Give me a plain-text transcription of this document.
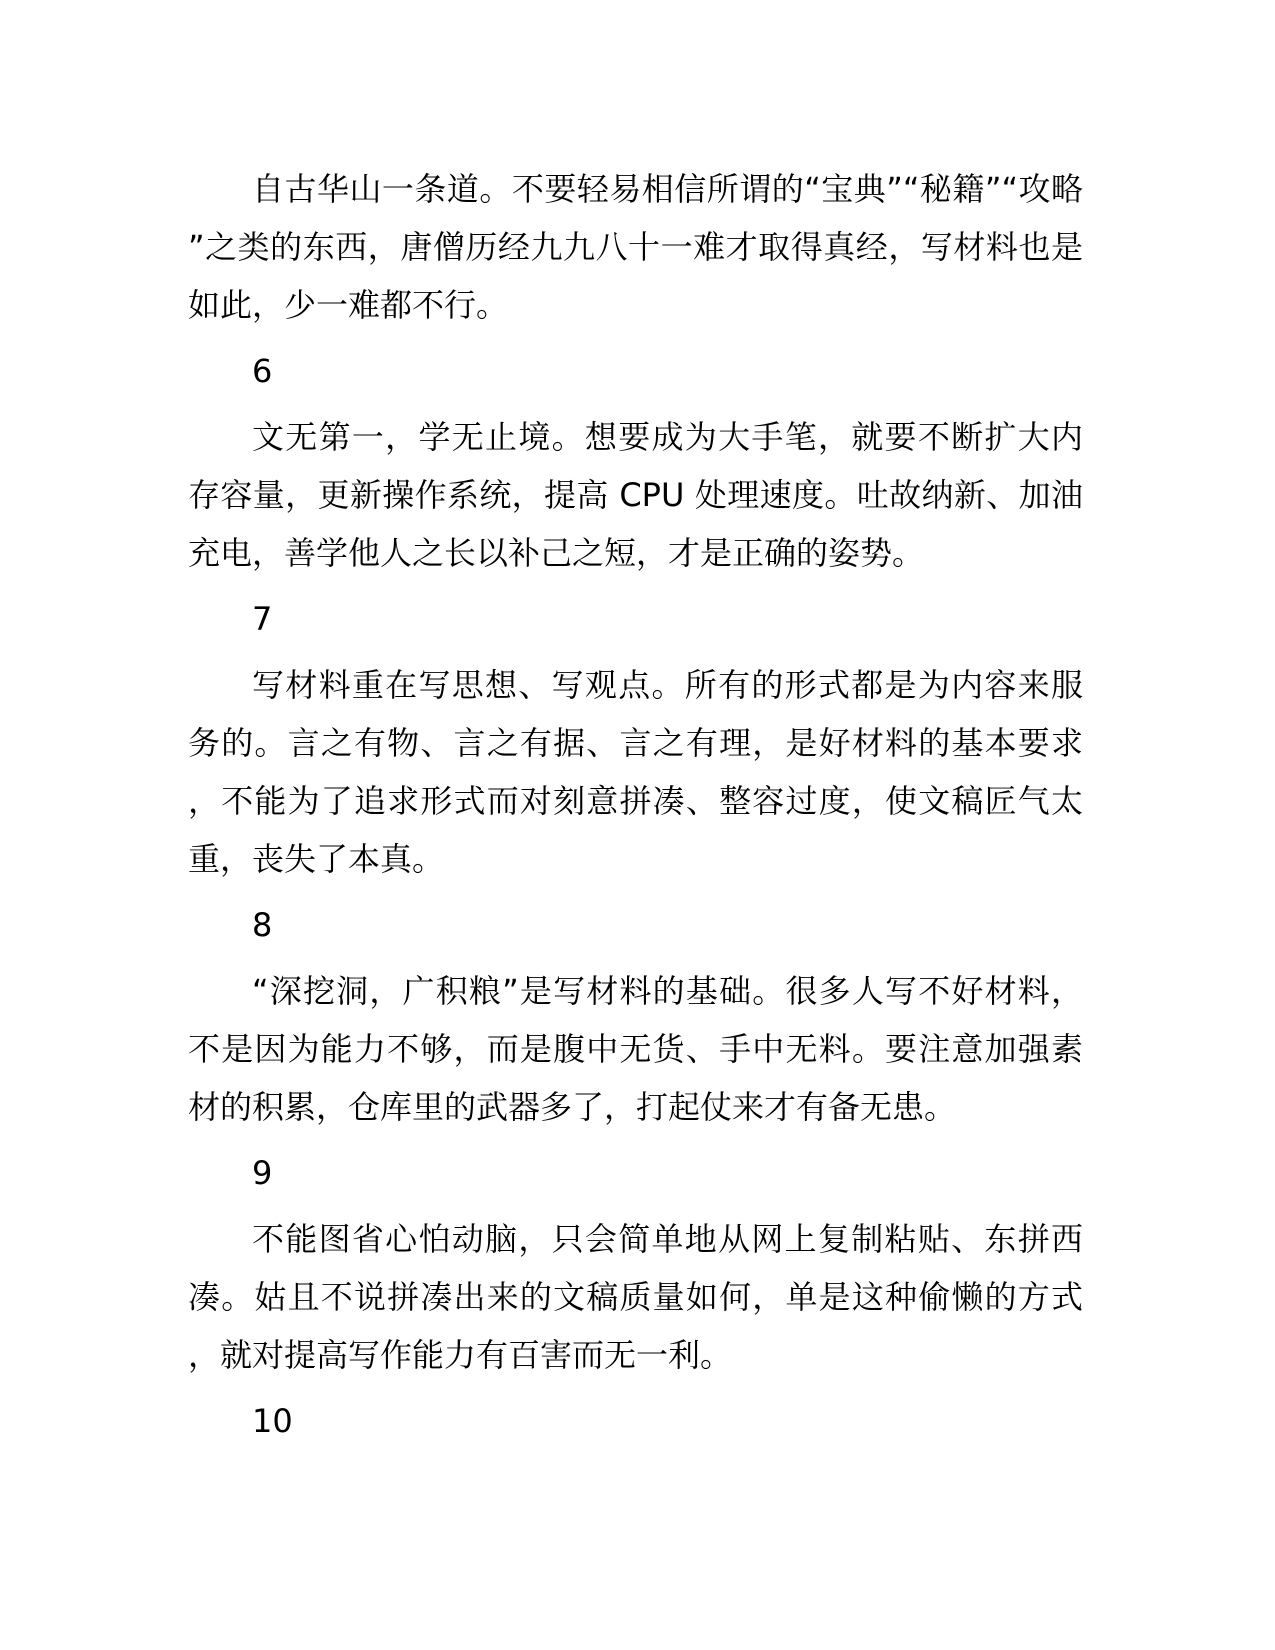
自古华山一条道。不要轻易相信所谓的“宝典”“秘籍”“攻略”之类的东西，唐僧历经九九八十一难才取得真经，写材料也是如此，少一难都不行。

6

文无第一，学无止境。想要成为大手笔，就要不断扩大内存容量，更新操作系统，提高 CPU 处理速度。吐故纳新、加油充电，善学他人之长以补己之短，才是正确的姿势。

7

写材料重在写思想、写观点。所有的形式都是为内容来服务的。言之有物、言之有据、言之有理，是好材料的基本要求，不能为了追求形式而对刻意拼凑、整容过度，使文稿匠气太重，丧失了本真。

8

“深挖洞，广积粮”是写材料的基础。很多人写不好材料，不是因为能力不够，而是腹中无货、手中无料。要注意加强素材的积累，仓库里的武器多了，打起仗来才有备无患。

9

不能图省心怕动脑，只会简单地从网上复制粘贴、东拼西凑。姑且不说拼凑出来的文稿质量如何，单是这种偷懒的方式，就对提高写作能力有百害而无一利。

10
